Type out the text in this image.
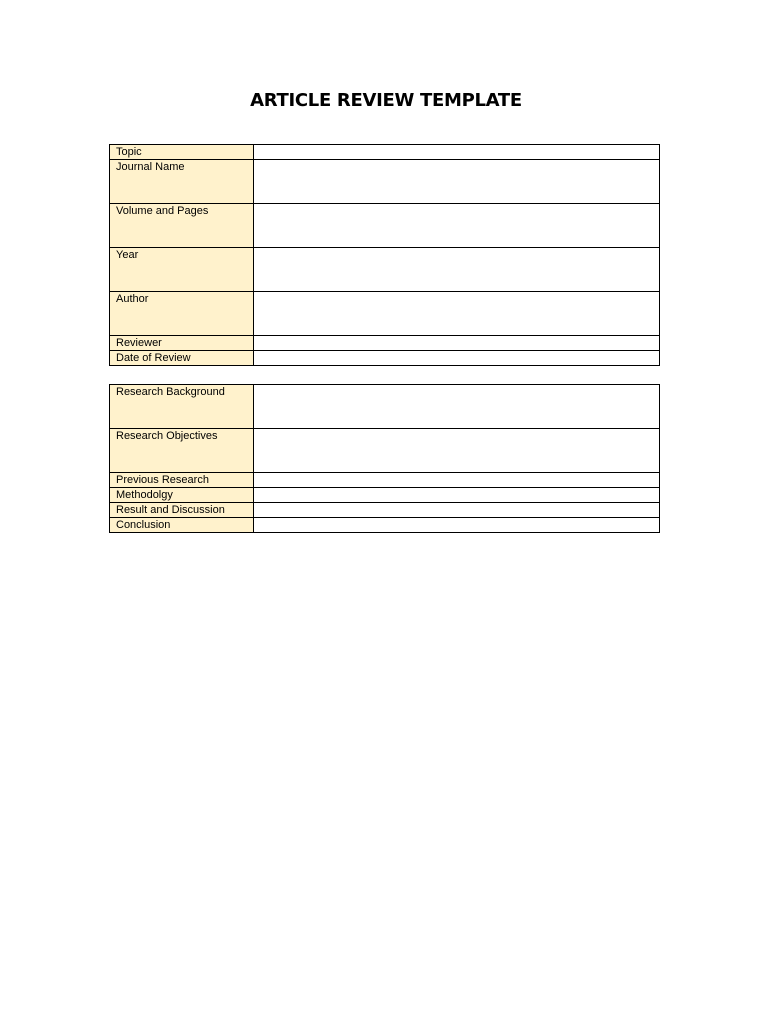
ARTICLE REVIEW TEMPLATE
Topic	
Journal Name	
Volume and Pages	
Year	
Author	
Reviewer	
Date of Review	
Research Background	
Research Objectives	
Previous Research	
Methodolgy	
Result and Discussion	
Conclusion	
